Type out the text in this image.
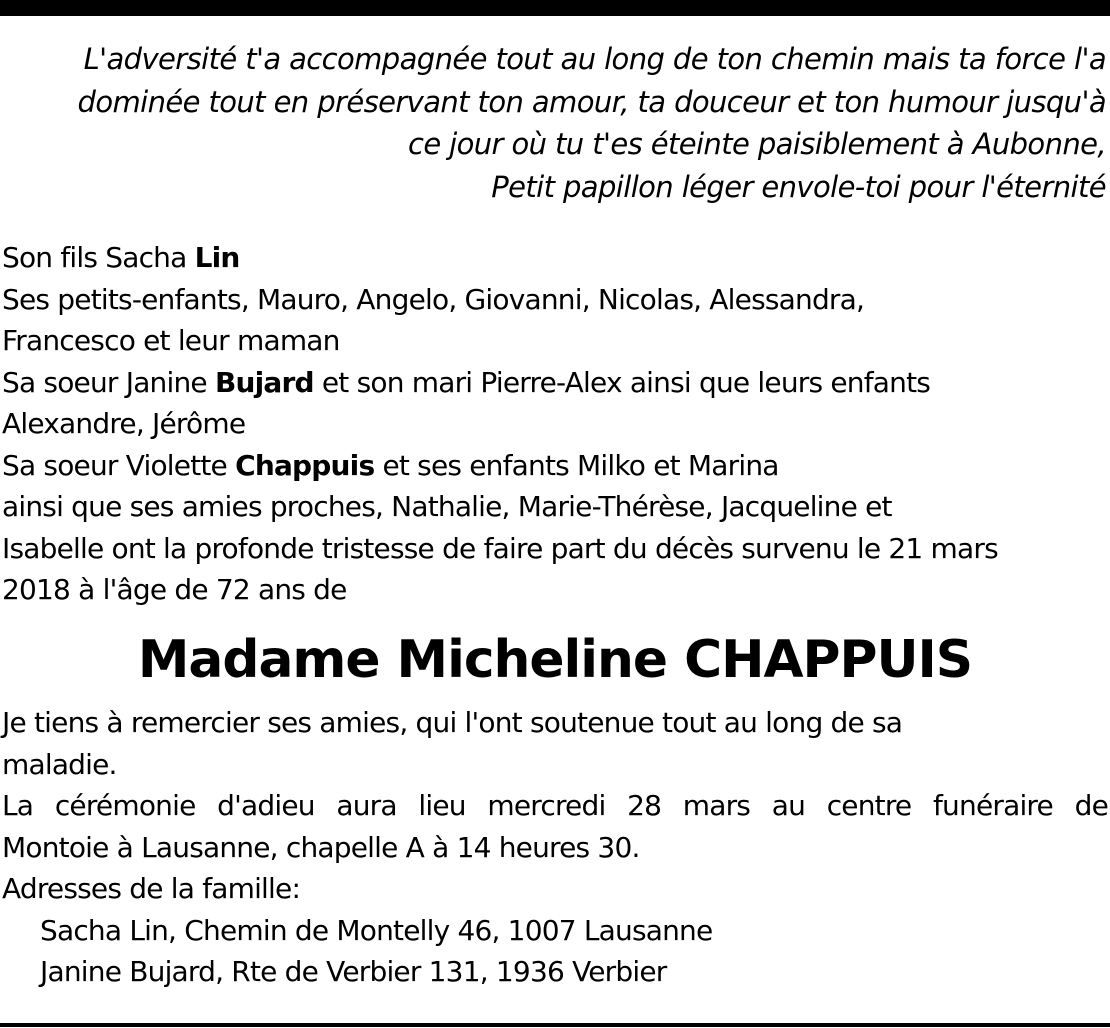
L'adversité t'a accompagnée tout au long de ton chemin mais ta force l'a
dominée tout en préservant ton amour, ta douceur et ton humour jusqu'à
ce jour où tu t'es éteinte paisiblement à Aubonne,
Petit papillon léger envole-toi pour l'éternité
Son fils Sacha Lin
Ses petits-enfants, Mauro, Angelo, Giovanni, Nicolas, Alessandra,
Francesco et leur maman
Sa soeur Janine Bujard et son mari Pierre-Alex ainsi que leurs enfants
Alexandre, Jérôme
Sa soeur Violette Chappuis et ses enfants Milko et Marina
ainsi que ses amies proches, Nathalie, Marie-Thérèse, Jacqueline et
Isabelle ont la profonde tristesse de faire part du décès survenu le 21 mars
2018 à l'âge de 72 ans de
Madame Micheline CHAPPUIS
Je tiens à remercier ses amies, qui l'ont soutenue tout au long de sa
maladie.
La cérémonie d'adieu aura lieu mercredi 28 mars au centre funéraire de
Montoie à Lausanne, chapelle A à 14 heures 30.
Adresses de la famille:
Sacha Lin, Chemin de Montelly 46, 1007 Lausanne
Janine Bujard, Rte de Verbier 131, 1936 Verbier
